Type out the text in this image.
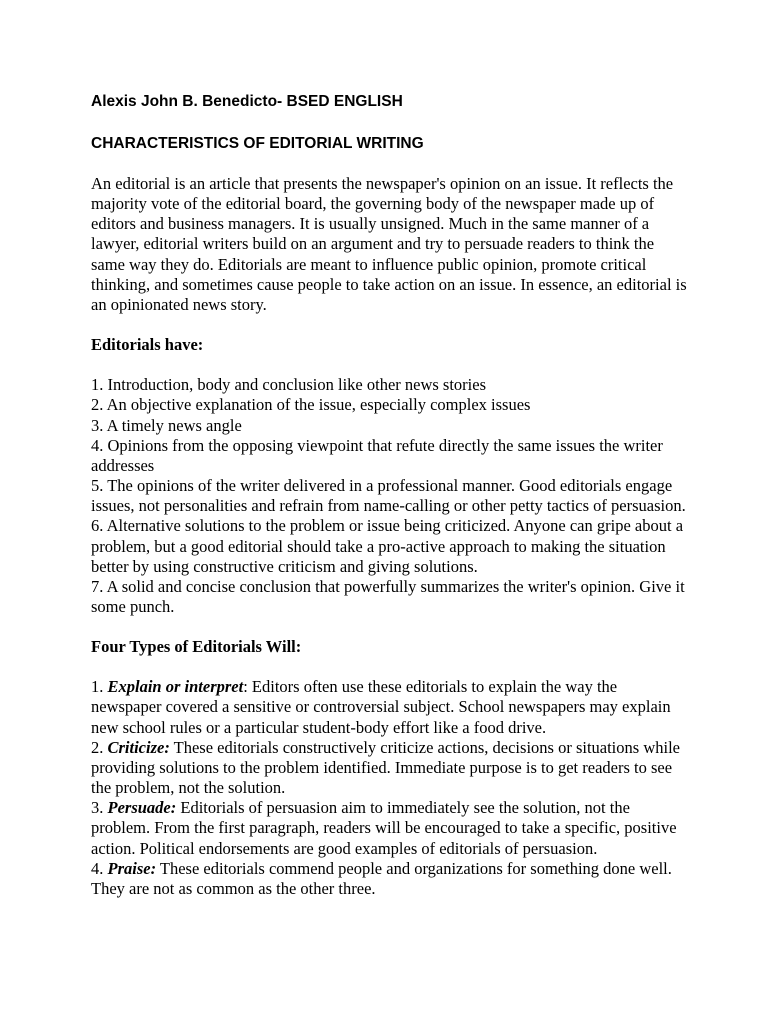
Alexis John B. Benedicto- BSED ENGLISH

CHARACTERISTICS OF EDITORIAL WRITING

An editorial is an article that presents the newspaper's opinion on an issue. It reflects the majority vote of the editorial board, the governing body of the newspaper made up of editors and business managers. It is usually unsigned. Much in the same manner of a lawyer, editorial writers build on an argument and try to persuade readers to think the same way they do. Editorials are meant to influence public opinion, promote critical thinking, and sometimes cause people to take action on an issue. In essence, an editorial is an opinionated news story.

Editorials have:

1. Introduction, body and conclusion like other news stories

2. An objective explanation of the issue, especially complex issues

3. A timely news angle

4. Opinions from the opposing viewpoint that refute directly the same issues the writer addresses

5. The opinions of the writer delivered in a professional manner. Good editorials engage issues, not personalities and refrain from name-calling or other petty tactics of persuasion.

6. Alternative solutions to the problem or issue being criticized. Anyone can gripe about a problem, but a good editorial should take a pro-active approach to making the situation better by using constructive criticism and giving solutions.

7. A solid and concise conclusion that powerfully summarizes the writer's opinion. Give it some punch.

Four Types of Editorials Will:

1. Explain or interpret: Editors often use these editorials to explain the way the newspaper covered a sensitive or controversial subject. School newspapers may explain new school rules or a particular student-body effort like a food drive.

2. Criticize: These editorials constructively criticize actions, decisions or situations while providing solutions to the problem identified. Immediate purpose is to get readers to see the problem, not the solution.

3. Persuade: Editorials of persuasion aim to immediately see the solution, not the problem. From the first paragraph, readers will be encouraged to take a specific, positive action. Political endorsements are good examples of editorials of persuasion.

4. Praise: These editorials commend people and organizations for something done well. They are not as common as the other three.
